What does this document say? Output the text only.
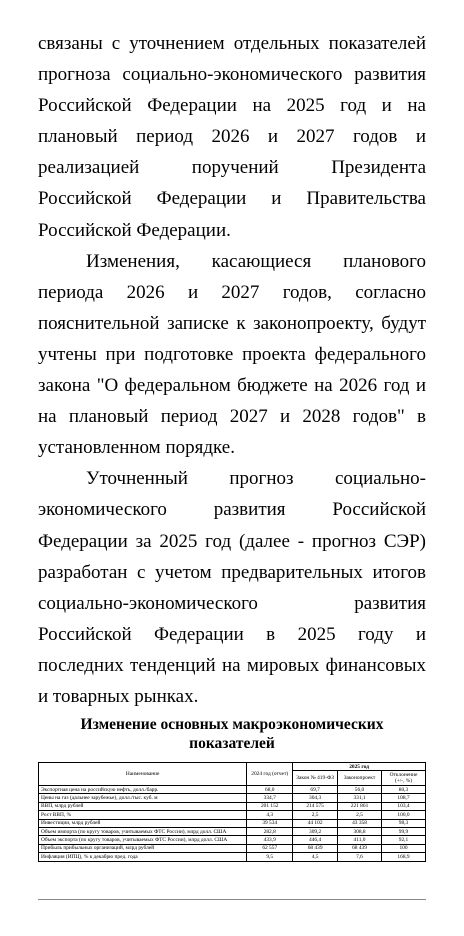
связаны с уточнением отдельных показателей прогноза социально-экономического развития Российской Федерации на 2025 год и на плановый период 2026 и 2027 годов и реализацией поручений Президента Российской Федерации и Правительства Российской Федерации.

Изменения, касающиеся планового периода 2026 и 2027 годов, согласно пояснительной записке к законопроекту, будут учтены при подготовке проекта федерального закона "О федеральном бюджете на 2026 год и на плановый период 2027 и 2028 годов" в установленном порядке.

Уточненный прогноз социально-экономического развития Российской Федерации за 2025 год (далее - прогноз СЭР) разработан с учетом предварительных итогов социально-экономического развития Российской Федерации в 2025 году и последних тенденций на мировых финансовых и товарных рынках.

Изменение основных макроэкономических показателей
Наименование	2024 год (отчет)	2025 год		
		Закон № 419-ФЗ	Законопроект	Отклонение
(+/-, %)
Экспортная цена на российскую нефть, долл./барр.	68,0	69,7	56,0	80,3
Цены на газ (дальнее зарубежье), долл./тыс. куб. м	334,7	304,3	331,1	108,7
ВВП, млрд рублей	201 152	214 575	221 861	103,4
Рост ВВП, %	4,3	2,5	2,5	100,0
Инвестиции, млрд рублей	39 534	44 102	43 358	98,3
Объем импорта (по кругу товаров, учитываемых ФТС России), млрд долл. США	282,8	309,2	308,8	99,9
Объем экспорта (по кругу товаров, учитываемых ФТС России), млрд долл. США	433,9	446,4	411,0	92,1
Прибыль прибыльных организаций, млрд рублей	62 557	68 439	68 439	100
Инфляция (ИПЦ), % к декабрю пред. года	9,5	4,5	7,6	168,9
